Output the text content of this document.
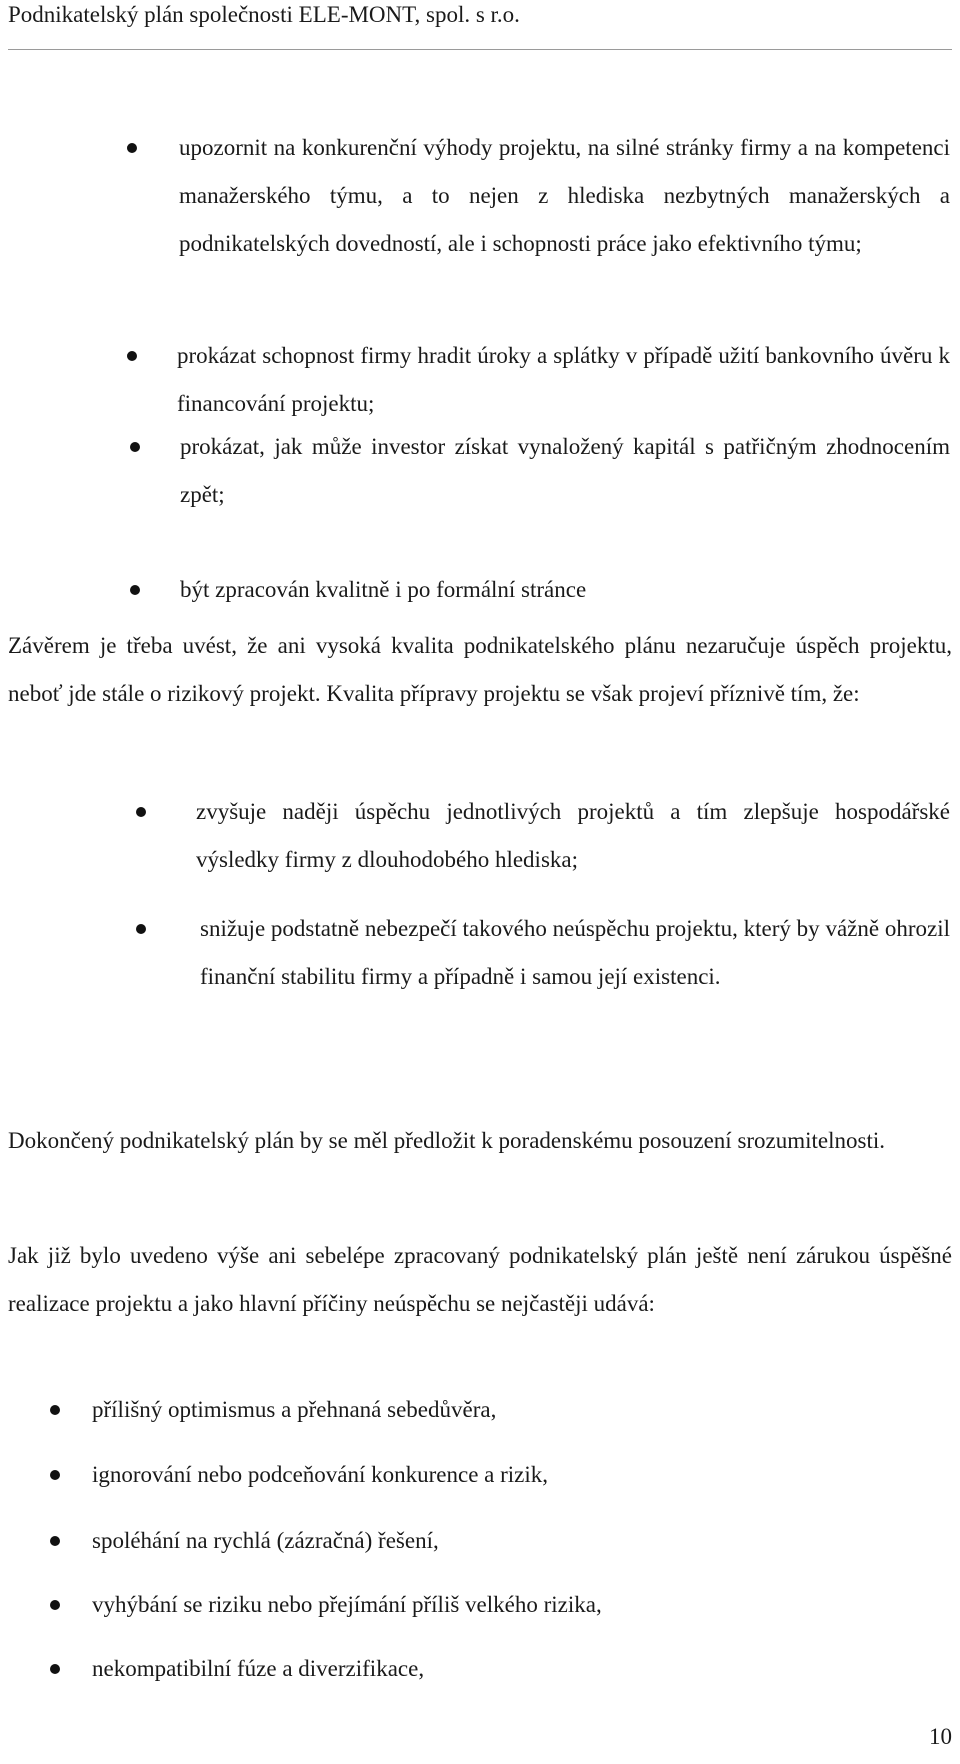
Podnikatelský plán společnosti ELE-MONT, spol. s r.o.
upozornit na konkurenční výhody projektu, na silné stránky firmy a na kompetenci manažerského týmu, a to nejen z hlediska nezbytných manažerských a podnikatelských dovedností, ale i schopnosti práce jako efektivního týmu;
prokázat schopnost firmy hradit úroky a splátky v případě užití bankovního úvěru k financování projektu;
prokázat, jak může investor získat vynaložený kapitál s patřičným zhodnocením zpět;
být zpracován kvalitně i po formální stránce
Závěrem je třeba uvést, že ani vysoká kvalita podnikatelského plánu nezaručuje úspěch projektu, neboť jde stále o rizikový projekt. Kvalita přípravy projektu se však projeví příznivě tím, že:
zvyšuje naději úspěchu jednotlivých projektů a tím zlepšuje hospodářské výsledky firmy z dlouhodobého hlediska;
snižuje podstatně nebezpečí takového neúspěchu projektu, který by vážně ohrozil finanční stabilitu firmy a případně i samou její existenci.
Dokončený podnikatelský plán by se měl předložit k poradenskému posouzení srozumitelnosti.
Jak již bylo uvedeno výše ani sebelépe zpracovaný podnikatelský plán ještě není zárukou úspěšné realizace projektu a jako hlavní příčiny neúspěchu se nejčastěji udává:
přílišný optimismus a přehnaná sebedůvěra,
ignorování nebo podceňování konkurence a rizik,
spoléhání na rychlá (zázračná) řešení,
vyhýbání se riziku nebo přejímání příliš velkého rizika,
nekompatibilní fúze a diverzifikace,
10
